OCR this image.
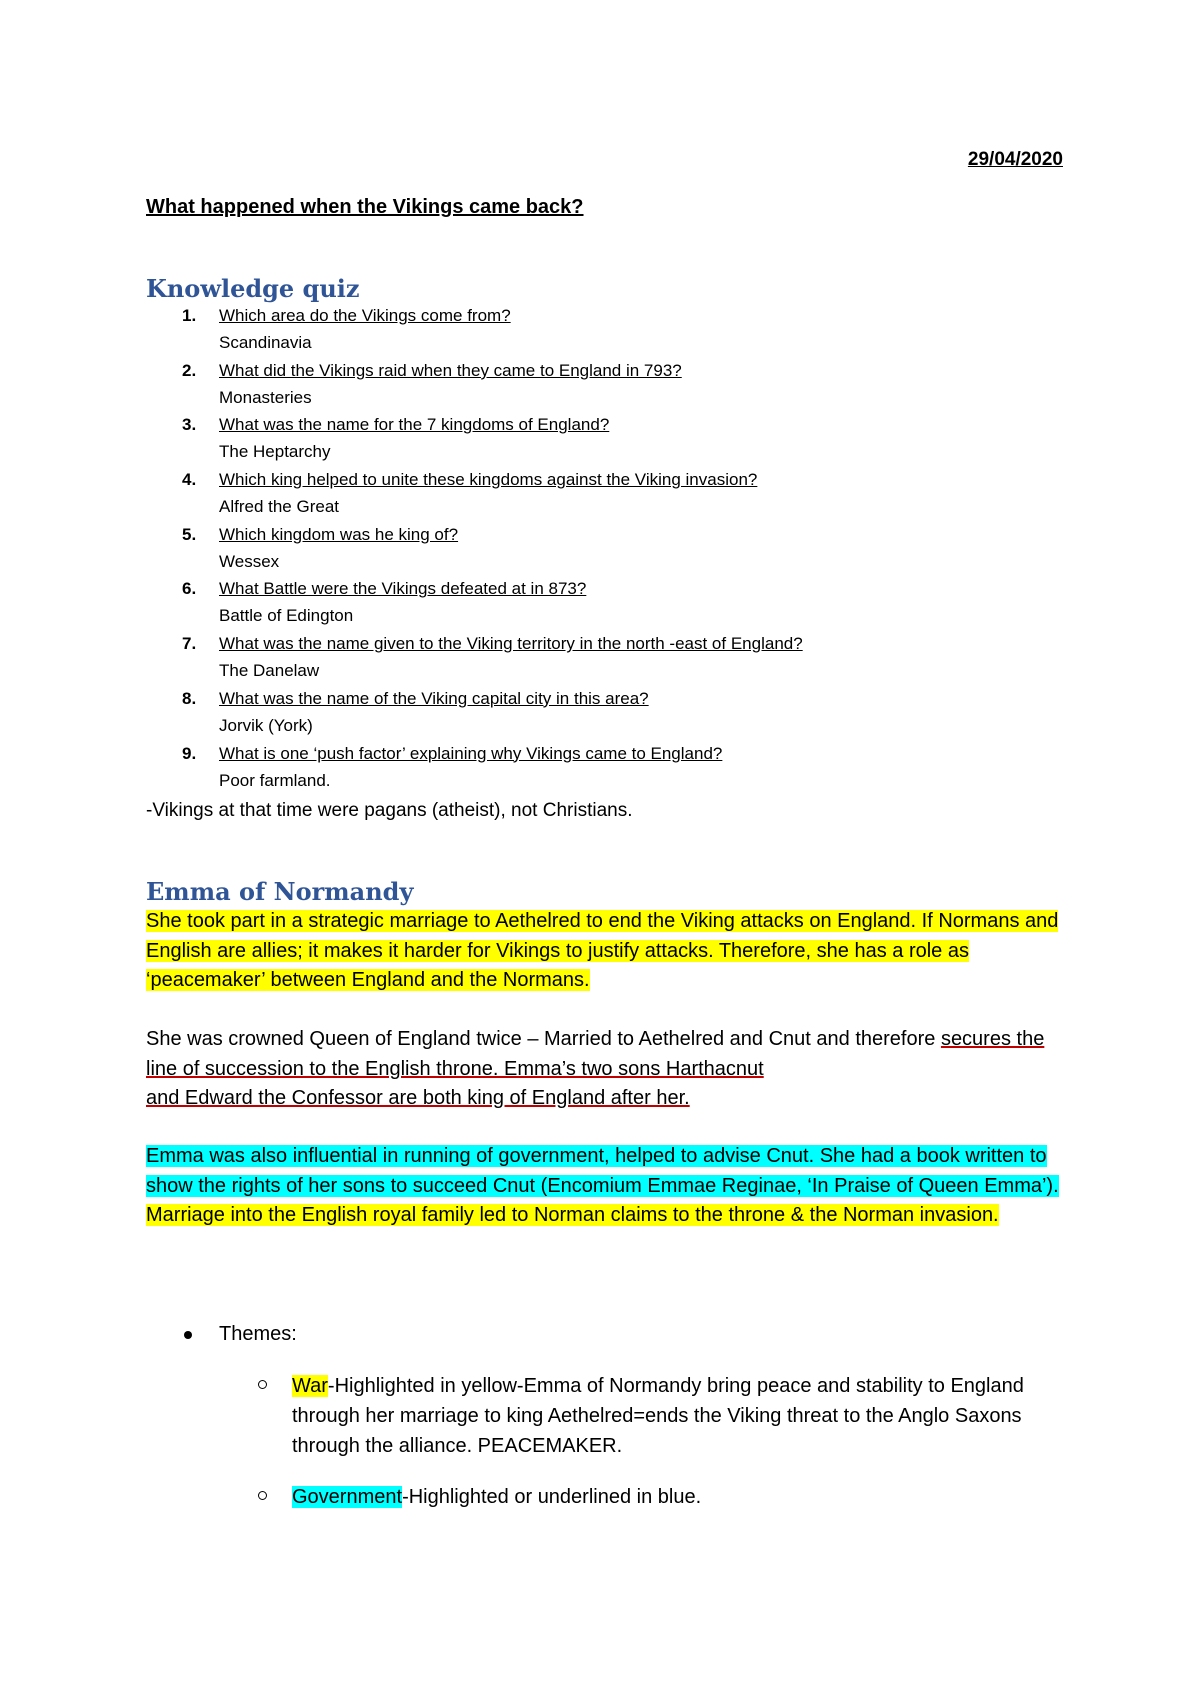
29/04/2020
What happened when the Vikings came back?
Knowledge quiz
1. Which area do the Vikings come from?
Scandinavia
2. What did the Vikings raid when they came to England in 793?
Monasteries
3. What was the name for the 7 kingdoms of England?
The Heptarchy
4. Which king helped to unite these kingdoms against the Viking invasion?
Alfred the Great
5. Which kingdom was he king of?
Wessex
6. What Battle were the Vikings defeated at in 873?
Battle of Edington
7. What was the name given to the Viking territory in the north -east of England?
The Danelaw
8. What was the name of the Viking capital city in this area?
Jorvik (York)
9. What is one ‘push factor’ explaining why Vikings came to England?
Poor farmland.
-Vikings at that time were pagans (atheist), not Christians.
Emma of Normandy

She took part in a strategic marriage to Aethelred to end the Viking attacks on England. If Normans and English are allies; it makes it harder for Vikings to justify attacks. Therefore, she has a role as ‘peacemaker’ between England and the Normans.

She was crowned Queen of England twice – Married to Aethelred and Cnut and therefore secures the line of succession to the English throne. Emma’s two sons Harthacnut
and Edward the Confessor are both king of England after her.

Emma was also influential in running of government, helped to advise Cnut. She had a book written to show the rights of her sons to succeed Cnut (Encomium Emmae Reginae, ‘In Praise of Queen Emma’). Marriage into the English royal family led to Norman claims to the throne & the Norman invasion.

Themes:
War-Highlighted in yellow-Emma of Normandy bring peace and stability to England through her marriage to king Aethelred=ends the Viking threat to the Anglo Saxons through the alliance. PEACEMAKER.
Government-Highlighted or underlined in blue.
